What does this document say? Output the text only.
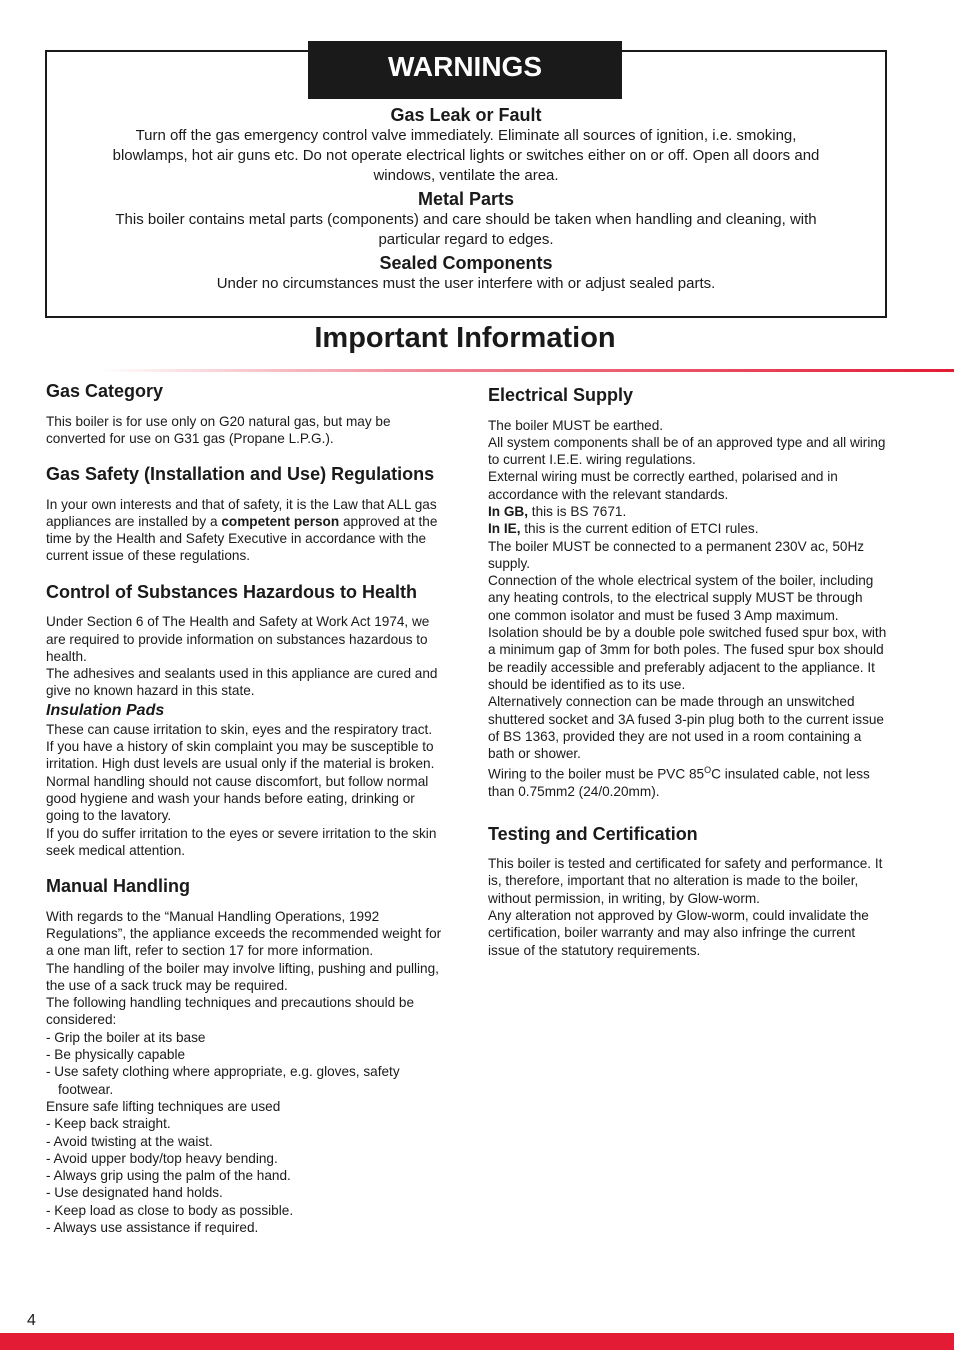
WARNINGS
Gas Leak or Fault

Turn off the gas emergency control valve immediately. Eliminate all sources of ignition, i.e. smoking, blowlamps, hot air guns etc. Do not operate electrical lights or switches either on or off. Open all doors and windows, ventilate the area.

Metal Parts

This boiler contains metal parts (components) and care should be taken when handling and cleaning, with particular regard to edges.

Sealed Components

Under no circumstances must the user interfere with or adjust sealed parts.

Important Information
Gas Category

This boiler is for use only on G20 natural gas, but may be converted for use on G31 gas (Propane L.P.G.).

Gas Safety (Installation and Use) Regulations

In your own interests and that of safety, it is the Law that ALL gas appliances are installed by a competent person approved at the time by the Health and Safety Executive in accordance with the current issue of these regulations.

Control of Substances Hazardous to Health

Under Section 6 of The Health and Safety at Work Act 1974, we are required to provide information on substances hazardous to health.

The adhesives and sealants used in this appliance are cured and give no known hazard in this state.

Insulation Pads

These can cause irritation to skin, eyes and the respiratory tract.

If you have a history of skin complaint you may be susceptible to irritation. High dust levels are usual only if the material is broken.

Normal handling should not cause discomfort, but follow normal good hygiene and wash your hands before eating, drinking or going to the lavatory.

If you do suffer irritation to the eyes or severe irritation to the skin seek medical attention.

Manual Handling

With regards to the “Manual Handling Operations, 1992 Regulations”, the appliance exceeds the recommended weight for a one man lift, refer to section 17 for more information.

The handling of the boiler may involve lifting, pushing and pulling, the use of a sack truck may be required.

The following handling techniques and precautions should be considered:

- Grip the boiler at its base

- Be physically capable

- Use safety clothing where appropriate, e.g. gloves, safety

footwear.

Ensure safe lifting techniques are used

- Keep back straight.

- Avoid twisting at the waist.

- Avoid upper body/top heavy bending.

- Always grip using the palm of the hand.

- Use designated hand holds.

- Keep load as close to body as possible.

- Always use assistance if required.

Electrical Supply

The boiler MUST be earthed.

All system components shall be of an approved type and all wiring to current I.E.E. wiring regulations.

External wiring must be correctly earthed, polarised and in accordance with the relevant standards.

In GB, this is BS 7671.

In IE, this is the current edition of ETCI rules.

The boiler MUST be connected to a permanent 230V ac, 50Hz supply.

Connection of the whole electrical system of the boiler, including any heating controls, to the electrical supply MUST be through one common isolator and must be fused 3 Amp maximum.

Isolation should be by a double pole switched fused spur box, with a minimum gap of 3mm for both poles. The fused spur box should be readily accessible and preferably adjacent to the appliance. It should be identified as to its use.

Alternatively connection can be made through an unswitched shuttered socket and 3A fused 3-pin plug both to the current issue of BS 1363, provided they are not used in a room containing a bath or shower.

Wiring to the boiler must be PVC $85^OC$ insulated cable, not less than 0.75mm2 (24/0.20mm).

Testing and Certification

This boiler is tested and certificated for safety and performance. It is, therefore, important that no alteration is made to the boiler, without permission, in writing, by Glow-worm.

Any alteration not approved by Glow-worm, could invalidate the certification, boiler warranty and may also infringe the current issue of the statutory requirements.

4
